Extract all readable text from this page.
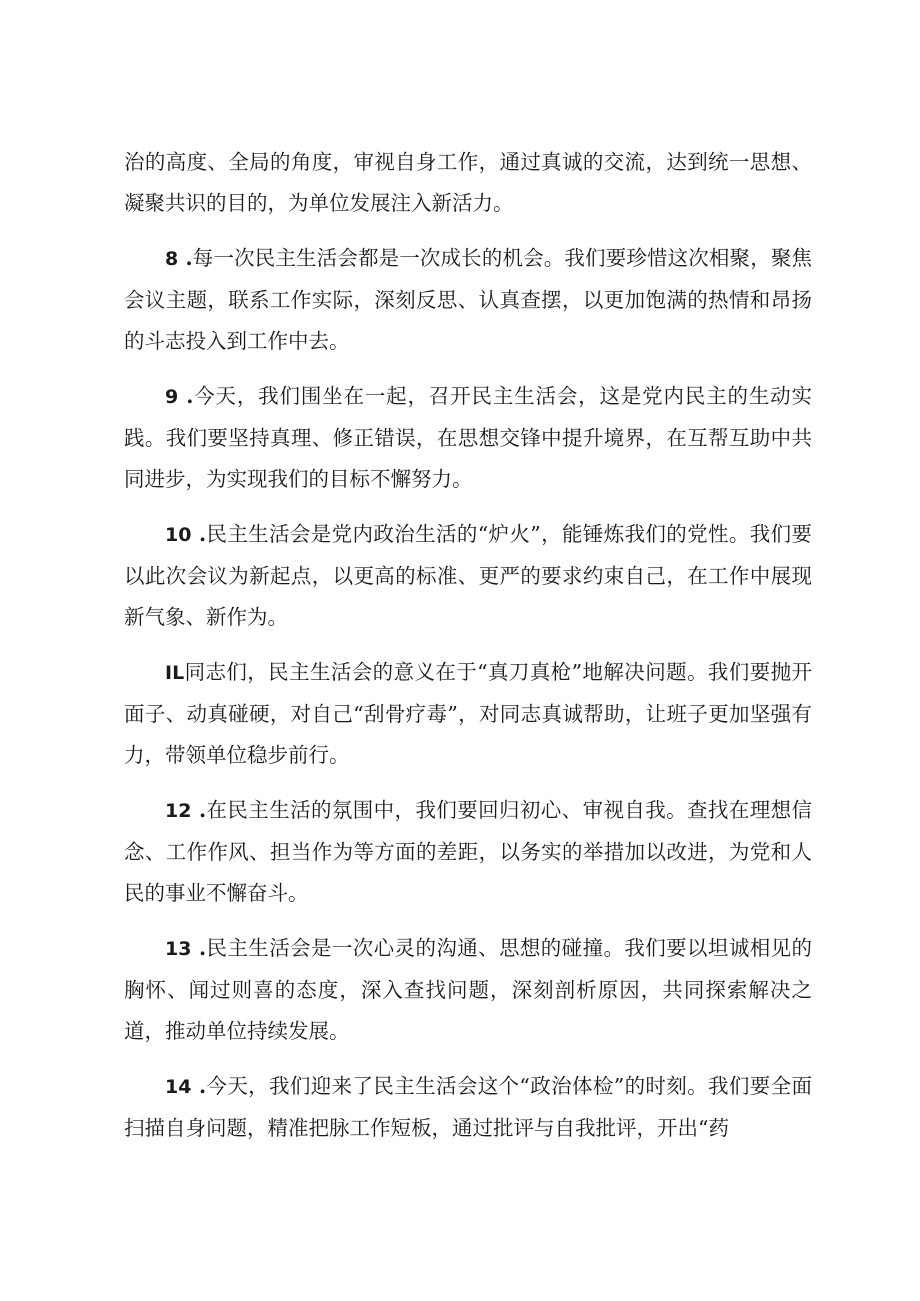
治的高度、全局的角度，审视自身工作，通过真诚的交流，达到统一思想、凝聚共识的目的，为单位发展注入新活力。

8 .每一次民主生活会都是一次成长的机会。我们要珍惜这次相聚，聚焦会议主题，联系工作实际，深刻反思、认真查摆，以更加饱满的热情和昂扬的斗志投入到工作中去。

9 .今天，我们围坐在一起，召开民主生活会，这是党内民主的生动实践。我们要坚持真理、修正错误，在思想交锋中提升境界，在互帮互助中共同进步，为实现我们的目标不懈努力。

10 .民主生活会是党内政治生活的“炉火”，能锤炼我们的党性。我们要以此次会议为新起点，以更高的标准、更严的要求约束自己，在工作中展现新气象、新作为。

IL同志们，民主生活会的意义在于“真刀真枪”地解决问题。我们要抛开面子、动真碰硬，对自己“刮骨疗毒”，对同志真诚帮助，让班子更加坚强有力，带领单位稳步前行。

12 .在民主生活的氛围中，我们要回归初心、审视自我。查找在理想信念、工作作风、担当作为等方面的差距，以务实的举措加以改进，为党和人民的事业不懈奋斗。

13 .民主生活会是一次心灵的沟通、思想的碰撞。我们要以坦诚相见的胸怀、闻过则喜的态度，深入查找问题，深刻剖析原因，共同探索解决之道，推动单位持续发展。

14 .今天，我们迎来了民主生活会这个“政治体检”的时刻。我们要全面扫描自身问题，精准把脉工作短板，通过批评与自我批评，开出“药
